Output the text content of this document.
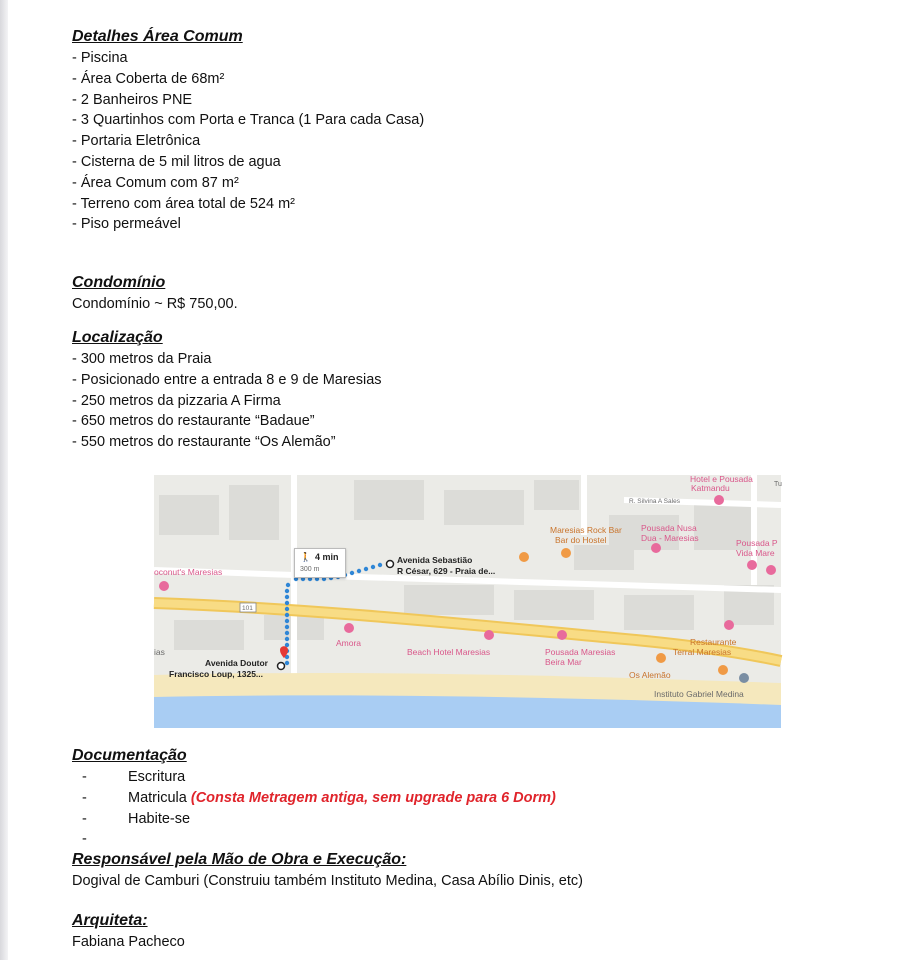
Detalhes Área Comum

- Piscina

- Área Coberta de 68m²

- 2 Banheiros PNE

- 3 Quartinhos com Porta e Tranca (1 Para cada Casa)

- Portaria Eletrônica

- Cisterna de 5 mil litros de agua

- Área Comum com 87 m²

- Terreno com área total de 524 m²

- Piso permeável

Condomínio

Condomínio ~ R$ 750,00.

Localização

- 300 metros da Praia

- Posicionado entre a entrada 8 e 9 de Maresias

- 250 metros da pizzaria A Firma

- 650 metros do restaurante “Badaue”

- 550 metros do restaurante “Os Alemão”

🚶 4 min
300 m
Avenida Sebastião
R César, 629 - Praia de...
Avenida Doutor
Francisco Loup, 1325...
101
oconut's Maresias
Maresias Rock Bar
Bar do Hostel
Pousada Nusa
Dua - Maresias	Pousada P
Vida Mare
Hotel e Pousada
Katmandu
R. Silvina A Sales
Tu
Amora
Beach Hotel Maresias	Pousada Maresias
Beira Mar
Restaurante
Terral Maresias
Os Alemão
Instituto Gabriel Medina
ias

Documentação

-	Escritura
-	Matricula (Consta Metragem antiga, sem upgrade para 6 Dorm)
-	Habite-se
-

Responsável pela Mão de Obra e Execução:

Dogival de Camburi (Construiu também Instituto Medina, Casa Abílio Dinis, etc)

Arquiteta:

Fabiana Pacheco
